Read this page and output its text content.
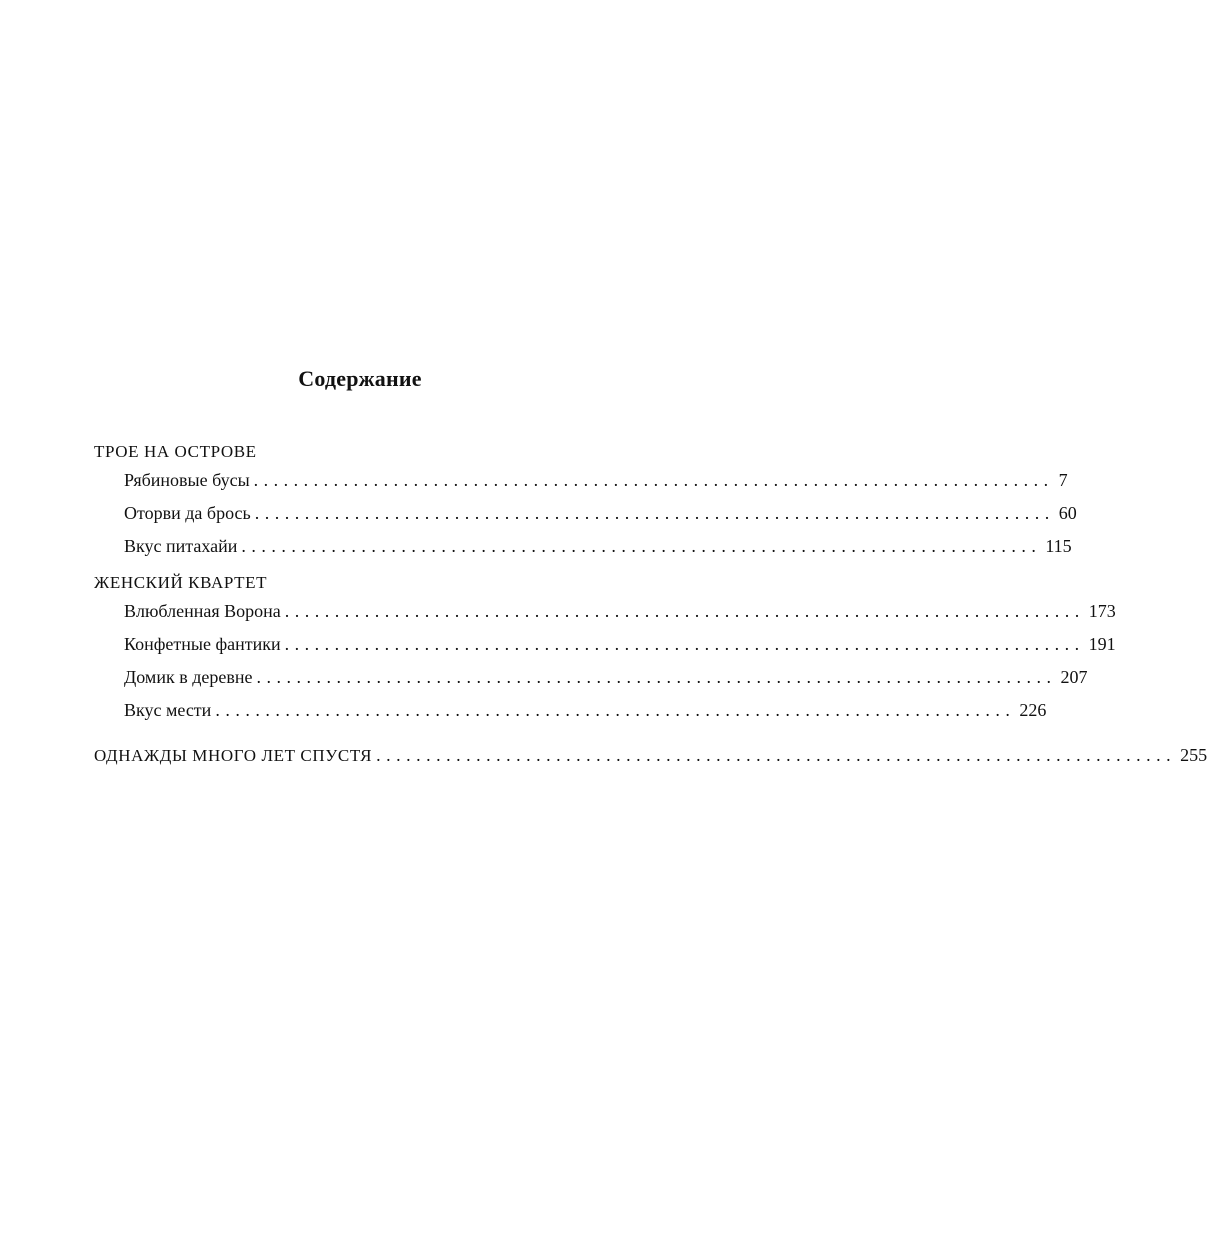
Содержание
ТРОЕ НА ОСТРОВЕ
Рябиновые бусы ................................................................................ 7
Оторви да брось ................................................................................ 60
Вкус питахайи ................................................................................ 115
ЖЕНСКИЙ КВАРТЕТ
Влюбленная Ворона ................................................................................ 173
Конфетные фантики ................................................................................ 191
Домик в деревне ................................................................................ 207
Вкус мести ................................................................................ 226
ОДНАЖДЫ МНОГО ЛЕТ СПУСТЯ ................................................................................ 255
